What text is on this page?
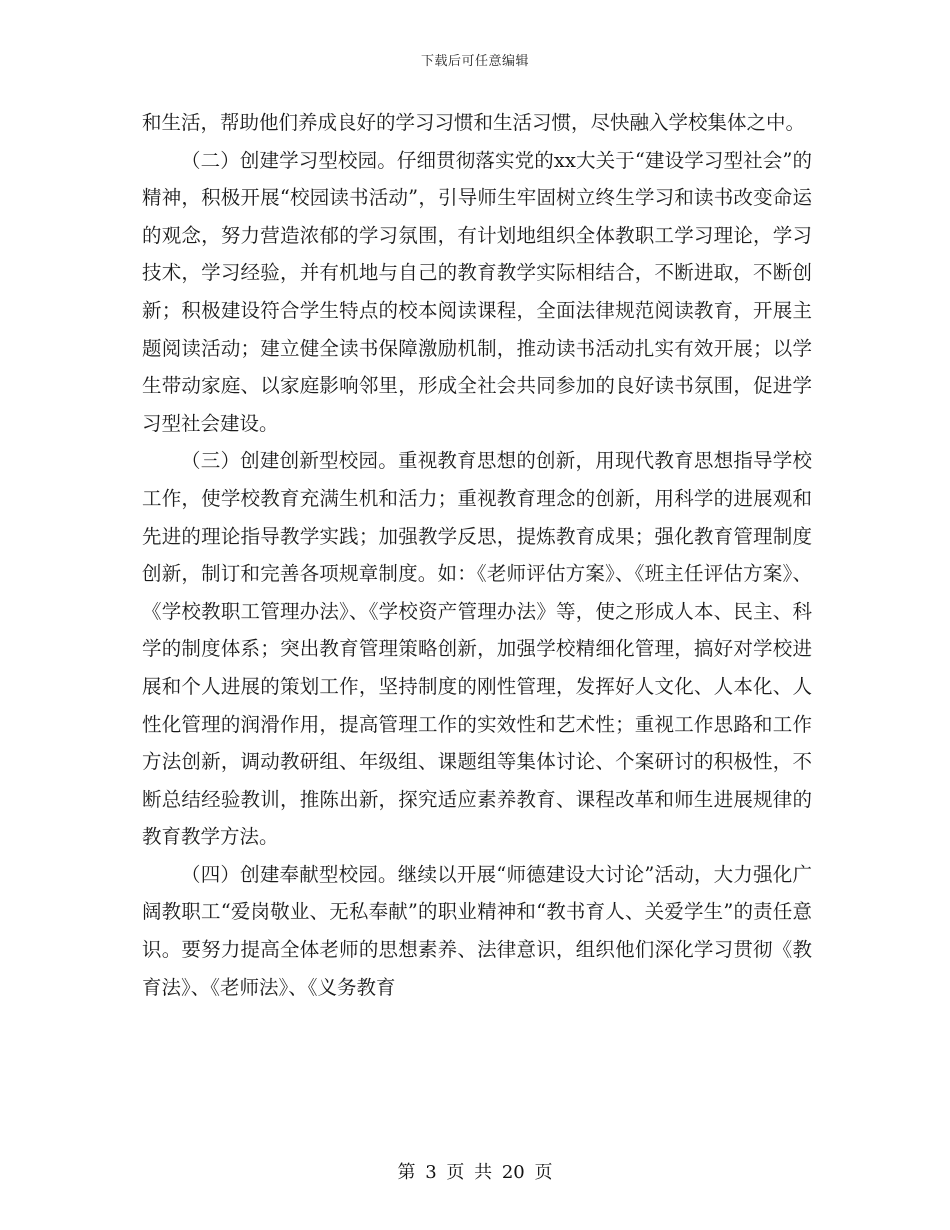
下载后可任意编辑

和生活，帮助他们养成良好的学习习惯和生活习惯，尽快融入学校集体之中。

（二）创建学习型校园。仔细贯彻落实党的xx大关于“建设学习型社会”的精神，积极开展“校园读书活动”，引导师生牢固树立终生学习和读书改变命运的观念，努力营造浓郁的学习氛围，有计划地组织全体教职工学习理论，学习技术，学习经验，并有机地与自己的教育教学实际相结合，不断进取，不断创新；积极建设符合学生特点的校本阅读课程，全面法律规范阅读教育，开展主题阅读活动；建立健全读书保障激励机制，推动读书活动扎实有效开展；以学生带动家庭、以家庭影响邻里，形成全社会共同参加的良好读书氛围，促进学习型社会建设。

（三）创建创新型校园。重视教育思想的创新，用现代教育思想指导学校工作，使学校教育充满生机和活力；重视教育理念的创新，用科学的进展观和先进的理论指导教学实践；加强教学反思，提炼教育成果；强化教育管理制度创新，制订和完善各项规章制度。如：《老师评估方案》、《班主任评估方案》、《学校教职工管理办法》、《学校资产管理办法》等，使之形成人本、民主、科学的制度体系；突出教育管理策略创新，加强学校精细化管理，搞好对学校进展和个人进展的策划工作，坚持制度的刚性管理，发挥好人文化、人本化、人性化管理的润滑作用，提高管理工作的实效性和艺术性；重视工作思路和工作方法创新，调动教研组、年级组、课题组等集体讨论、个案研讨的积极性，不断总结经验教训，推陈出新，探究适应素养教育、课程改革和师生进展规律的教育教学方法。

（四）创建奉献型校园。继续以开展“师德建设大讨论”活动，大力强化广阔教职工“爱岗敬业、无私奉献”的职业精神和“教书育人、关爱学生”的责任意识。要努力提高全体老师的思想素养、法律意识，组织他们深化学习贯彻《教育法》、《老师法》、《义务教育

第 3 页 共 20 页
